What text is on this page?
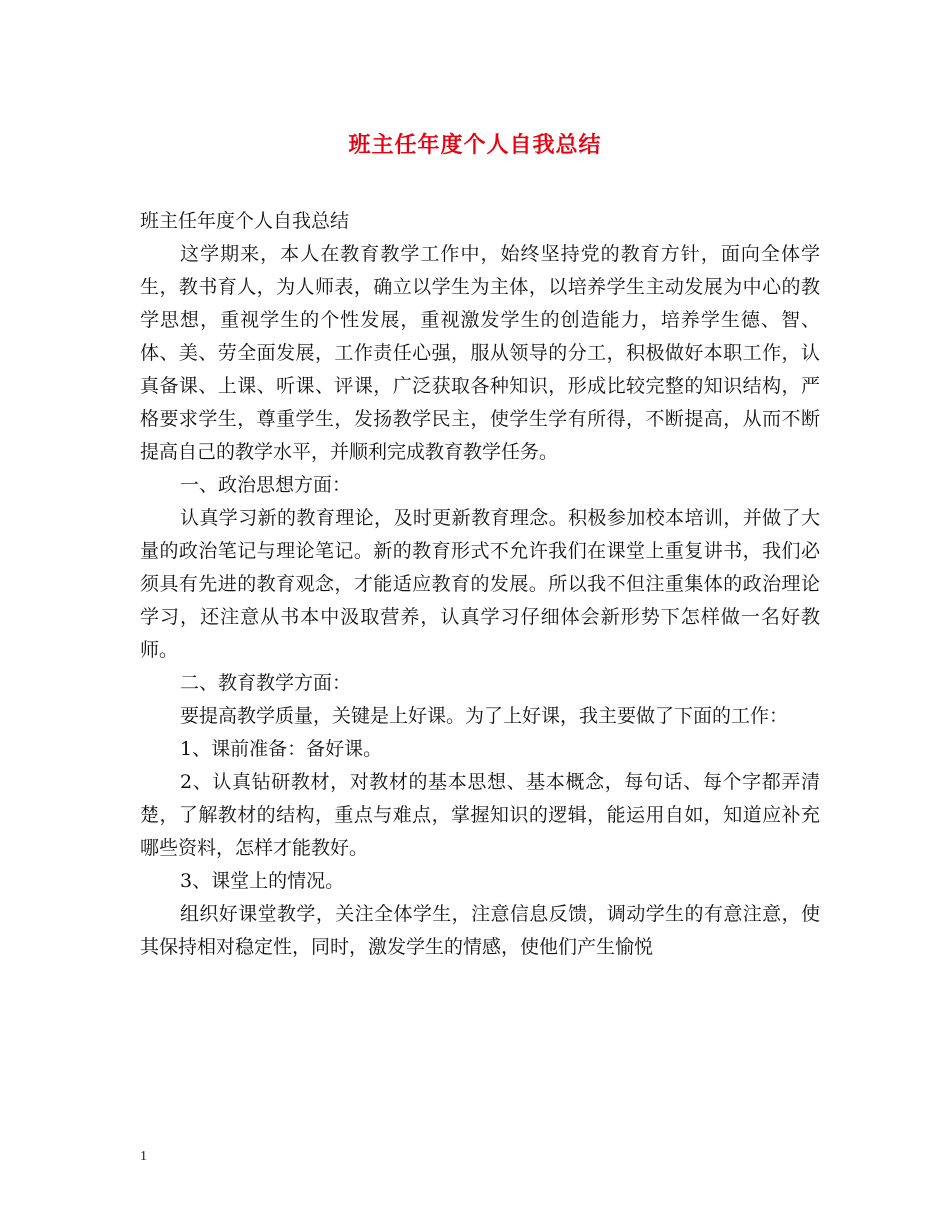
班主任年度个人自我总结

班主任年度个人自我总结

这学期来，本人在教育教学工作中，始终坚持党的教育方针，面向全体学生，教书育人，为人师表，确立以学生为主体，以培养学生主动发展为中心的教学思想，重视学生的个性发展，重视激发学生的创造能力，培养学生德、智、体、美、劳全面发展，工作责任心强，服从领导的分工，积极做好本职工作，认真备课、上课、听课、评课，广泛获取各种知识，形成比较完整的知识结构，严格要求学生，尊重学生，发扬教学民主，使学生学有所得，不断提高，从而不断提高自己的教学水平，并顺利完成教育教学任务。

一、政治思想方面：

认真学习新的教育理论，及时更新教育理念。积极参加校本培训，并做了大量的政治笔记与理论笔记。新的教育形式不允许我们在课堂上重复讲书，我们必须具有先进的教育观念，才能适应教育的发展。所以我不但注重集体的政治理论学习，还注意从书本中汲取营养，认真学习仔细体会新形势下怎样做一名好教师。

二、教育教学方面：

要提高教学质量，关键是上好课。为了上好课，我主要做了下面的工作：

1、课前准备：备好课。

2、认真钻研教材，对教材的基本思想、基本概念，每句话、每个字都弄清楚，了解教材的结构，重点与难点，掌握知识的逻辑，能运用自如，知道应补充哪些资料，怎样才能教好。

3、课堂上的情况。

组织好课堂教学，关注全体学生，注意信息反馈，调动学生的有意注意，使其保持相对稳定性，同时，激发学生的情感，使他们产生愉悦

1
